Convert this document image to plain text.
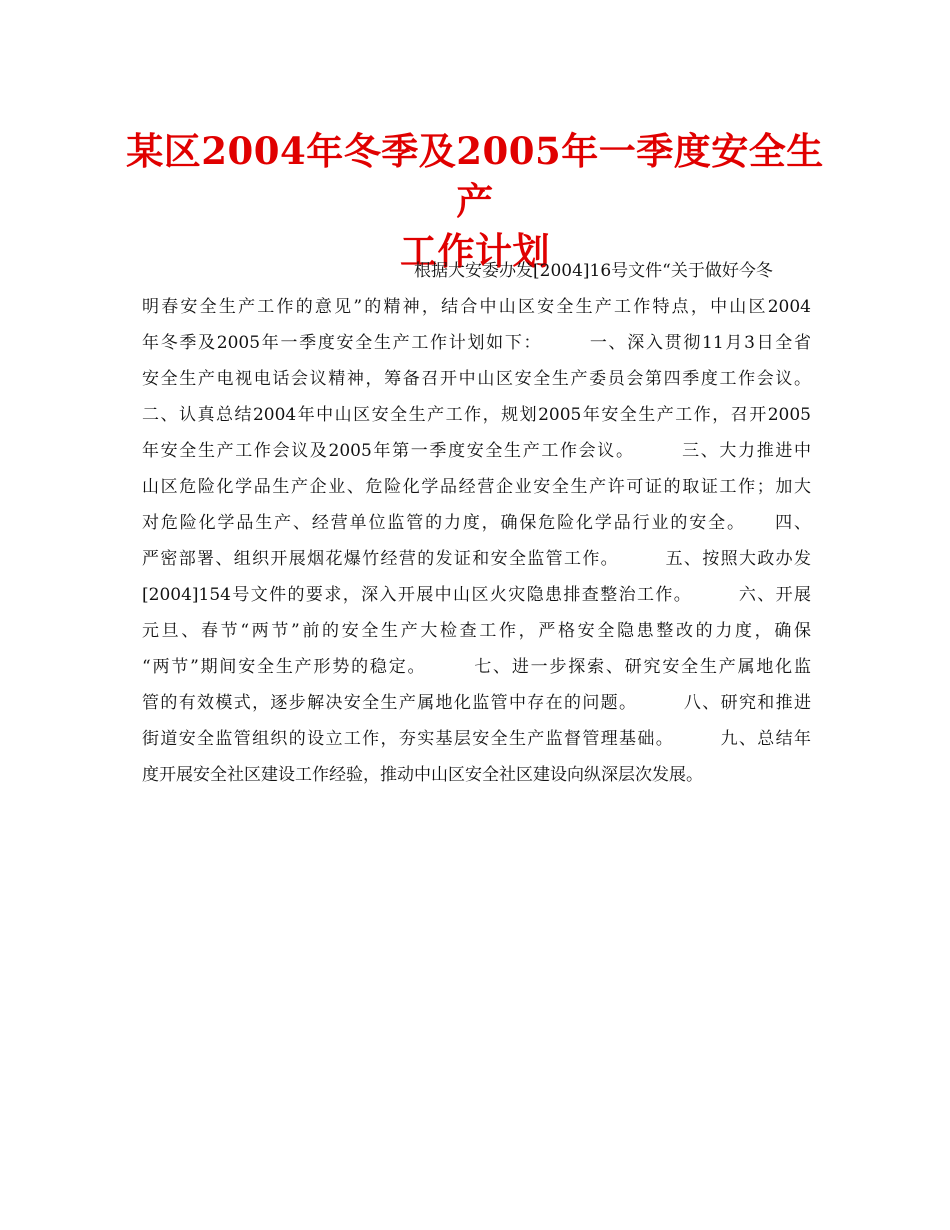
某区2004年冬季及2005年一季度安全生产
工作计划
根据大安委办发[2004]16号文件“关于做好今冬
明春安全生产工作的意见”的精神，结合中山区安全生产工作特点，中山区2004
年冬季及2005年一季度安全生产工作计划如下：　　　一、深入贯彻11月3日全省
安全生产电视电话会议精神，筹备召开中山区安全生产委员会第四季度工作会议。
二、认真总结2004年中山区安全生产工作，规划2005年安全生产工作，召开2005
年安全生产工作会议及2005年第一季度安全生产工作会议。　　　三、大力推进中
山区危险化学品生产企业、危险化学品经营企业安全生产许可证的取证工作；加大
对危险化学品生产、经营单位监管的力度，确保危险化学品行业的安全。　　四、
严密部署、组织开展烟花爆竹经营的发证和安全监管工作。　　　五、按照大政办发
[2004]154号文件的要求，深入开展中山区火灾隐患排查整治工作。　　　六、开展
元旦、春节“两节”前的安全生产大检查工作，严格安全隐患整改的力度，确保
“两节”期间安全生产形势的稳定。　　　七、进一步探索、研究安全生产属地化监
管的有效模式，逐步解决安全生产属地化监管中存在的问题。　　　八、研究和推进
街道安全监管组织的设立工作，夯实基层安全生产监督管理基础。　　　九、总结年
度开展安全社区建设工作经验，推动中山区安全社区建设向纵深层次发展。
